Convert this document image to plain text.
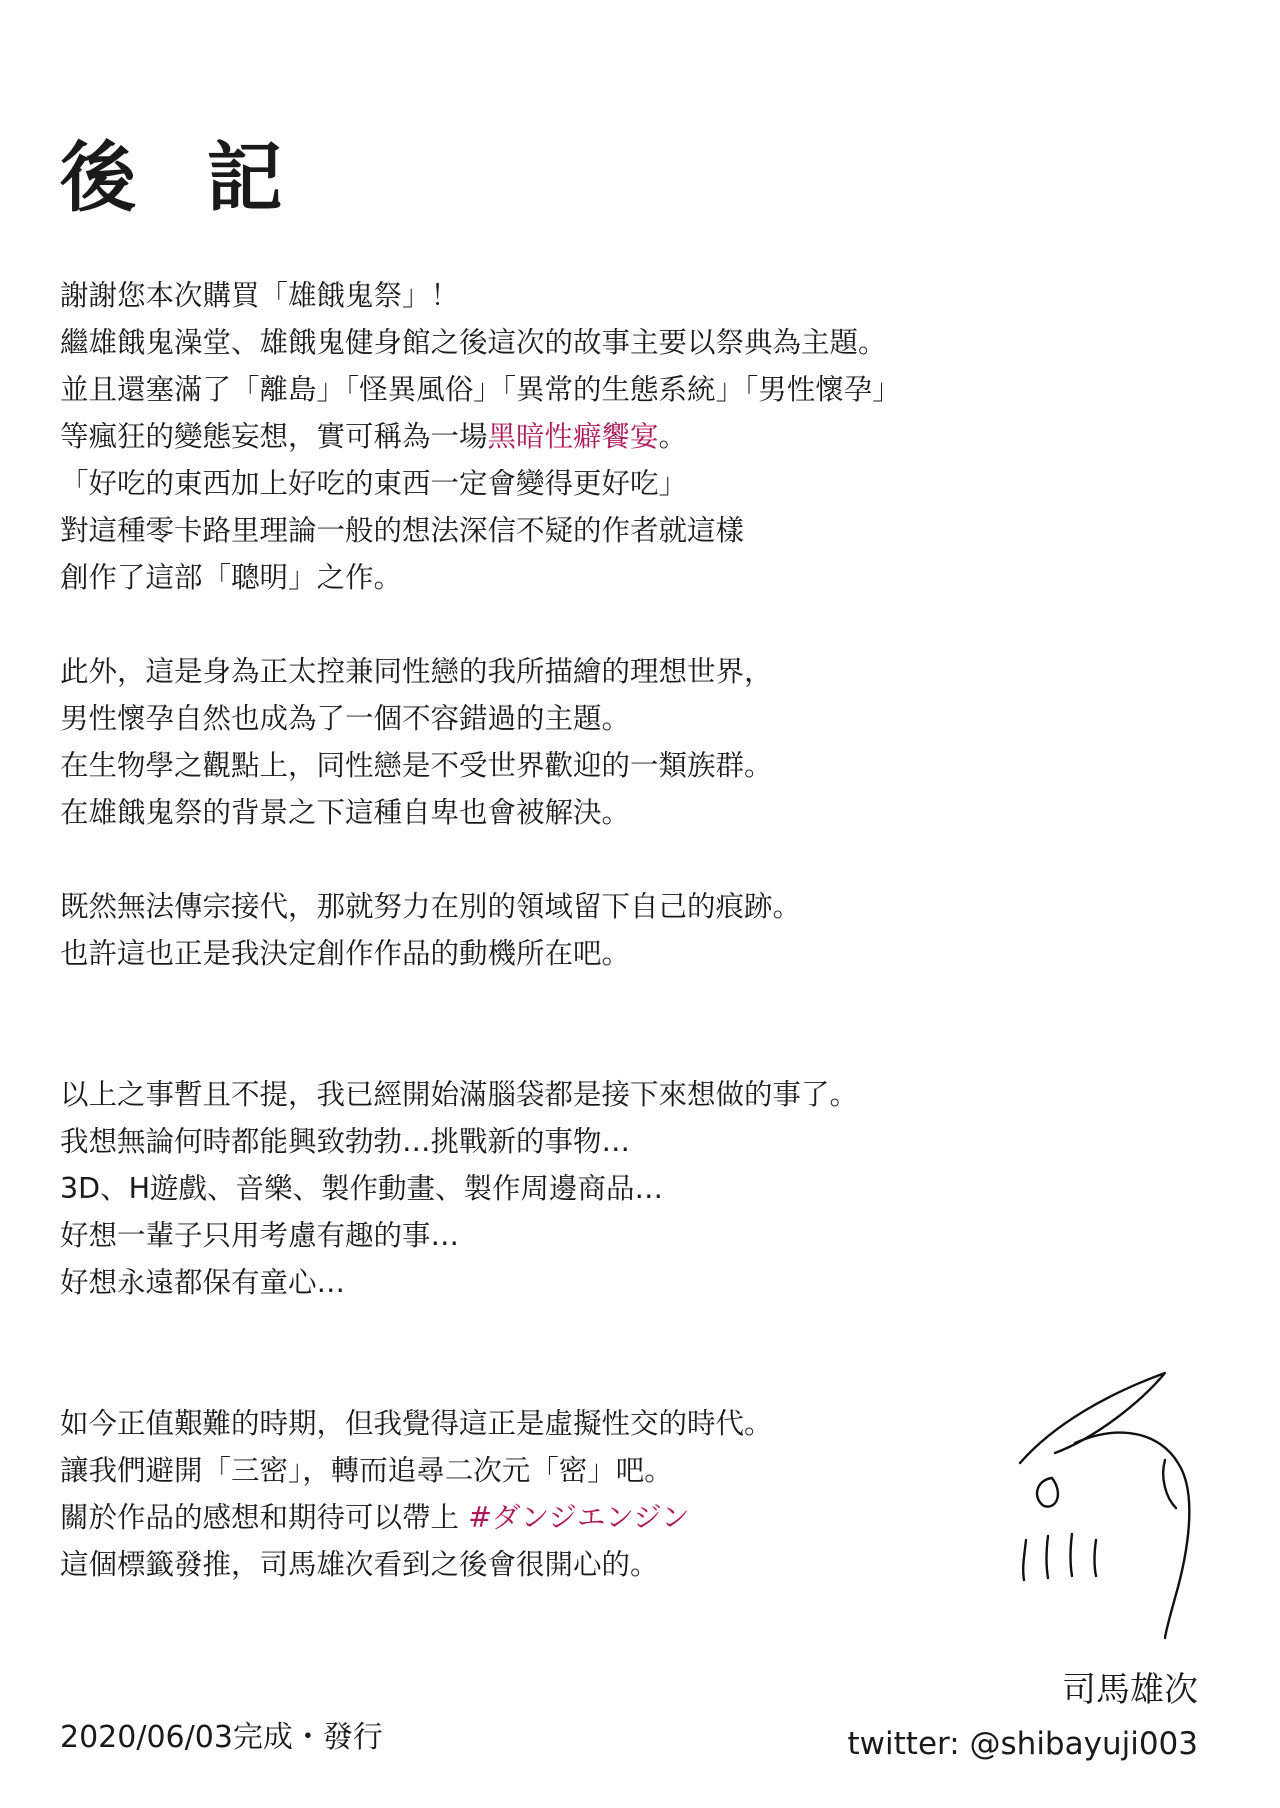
後 記
謝謝您本次購買「雄餓鬼祭」！
繼雄餓鬼澡堂、雄餓鬼健身館之後這次的故事主要以祭典為主題。
並且還塞滿了「離島」「怪異風俗」「異常的生態系統」「男性懷孕」
等瘋狂的變態妄想，實可稱為一場黑暗性癖饗宴。
「好吃的東西加上好吃的東西一定會變得更好吃」
對這種零卡路里理論一般的想法深信不疑的作者就這樣
創作了這部「聰明」之作。
此外，這是身為正太控兼同性戀的我所描繪的理想世界，
男性懷孕自然也成為了一個不容錯過的主題。
在生物學之觀點上，同性戀是不受世界歡迎的一類族群。
在雄餓鬼祭的背景之下這種自卑也會被解決。
既然無法傳宗接代，那就努力在別的領域留下自己的痕跡。
也許這也正是我決定創作作品的動機所在吧。
以上之事暫且不提，我已經開始滿腦袋都是接下來想做的事了。
我想無論何時都能興致勃勃…挑戰新的事物…
3D、H遊戲、音樂、製作動畫、製作周邊商品…
好想一輩子只用考慮有趣的事…
好想永遠都保有童心…
如今正值艱難的時期，但我覺得這正是虛擬性交的時代。
讓我們避開「三密」，轉而追尋二次元「密」吧。
關於作品的感想和期待可以帶上 #ダンジエンジン
這個標籤發推，司馬雄次看到之後會很開心的。
2020/06/03完成・發行
司馬雄次
twitter: @shibayuji003
